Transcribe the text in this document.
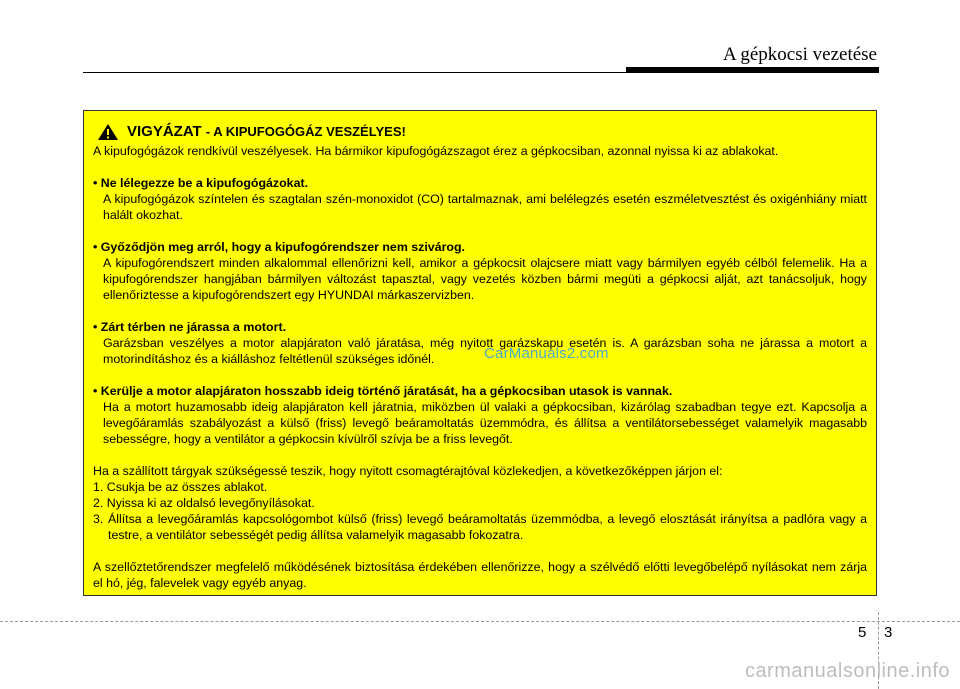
A gépkocsi vezetése
VIGYÁZAT - A KIPUFOGÓGÁZ VESZÉLYES!

A kipufogógázok rendkívül veszélyesek. Ha bármikor kipufogógázszagot érez a gépkocsiban, azonnal nyissa ki az ablakokat.

• Ne lélegezze be a kipufogógázokat.

A kipufogógázok színtelen és szagtalan szén-monoxidot (CO) tartalmaznak, ami belélegzés esetén eszméletvesztést és oxigénhiány miatt halált okozhat.

• Győződjön meg arról, hogy a kipufogórendszer nem szivárog.

A kipufogórendszert minden alkalommal ellenőrizni kell, amikor a gépkocsit olajcsere miatt vagy bármilyen egyéb célból felemelik. Ha a kipufogórendszer hangjában bármilyen változást tapasztal, vagy vezetés közben bármi megüti a gépkocsi alját, azt tanácsoljuk, hogy ellenőriztesse a kipufogórendszert egy HYUNDAI márkaszervizben.

• Zárt térben ne járassa a motort.

Garázsban veszélyes a motor alapjáraton való járatása, még nyitott garázskapu esetén is. A garázsban soha ne járassa a motort a motorindításhoz és a kiálláshoz feltétlenül szükséges időnél.

• Kerülje a motor alapjáraton hosszabb ideig történő járatását, ha a gépkocsiban utasok is vannak.

Ha a motort huzamosabb ideig alapjáraton kell járatnia, miközben ül valaki a gépkocsiban, kizárólag szabadban tegye ezt. Kapcsolja a levegőáramlás szabályozást a külső (friss) levegő beáramoltatás üzemmódra, és állítsa a ventilátorsebességet valamelyik magasabb sebességre, hogy a ventilátor a gépkocsin kívülről szívja be a friss levegőt.

Ha a szállított tárgyak szükségessé teszik, hogy nyitott csomagtérajtóval közlekedjen, a következőképpen járjon el:

1. Csukja be az összes ablakot.

2. Nyissa ki az oldalsó levegőnyílásokat.

3. Állítsa a levegőáramlás kapcsológombot külső (friss) levegő beáramoltatás üzemmódba, a levegő elosztását irányítsa a padlóra vagy a testre, a ventilátor sebességét pedig állítsa valamelyik magasabb fokozatra.

A szellőztetőrendszer megfelelő működésének biztosítása érdekében ellenőrizze, hogy a szélvédő előtti levegőbelépő nyílásokat nem zárja el hó, jég, falevelek vagy egyéb anyag.

CarManuals2.com
5 3
carmanualsonline.info
